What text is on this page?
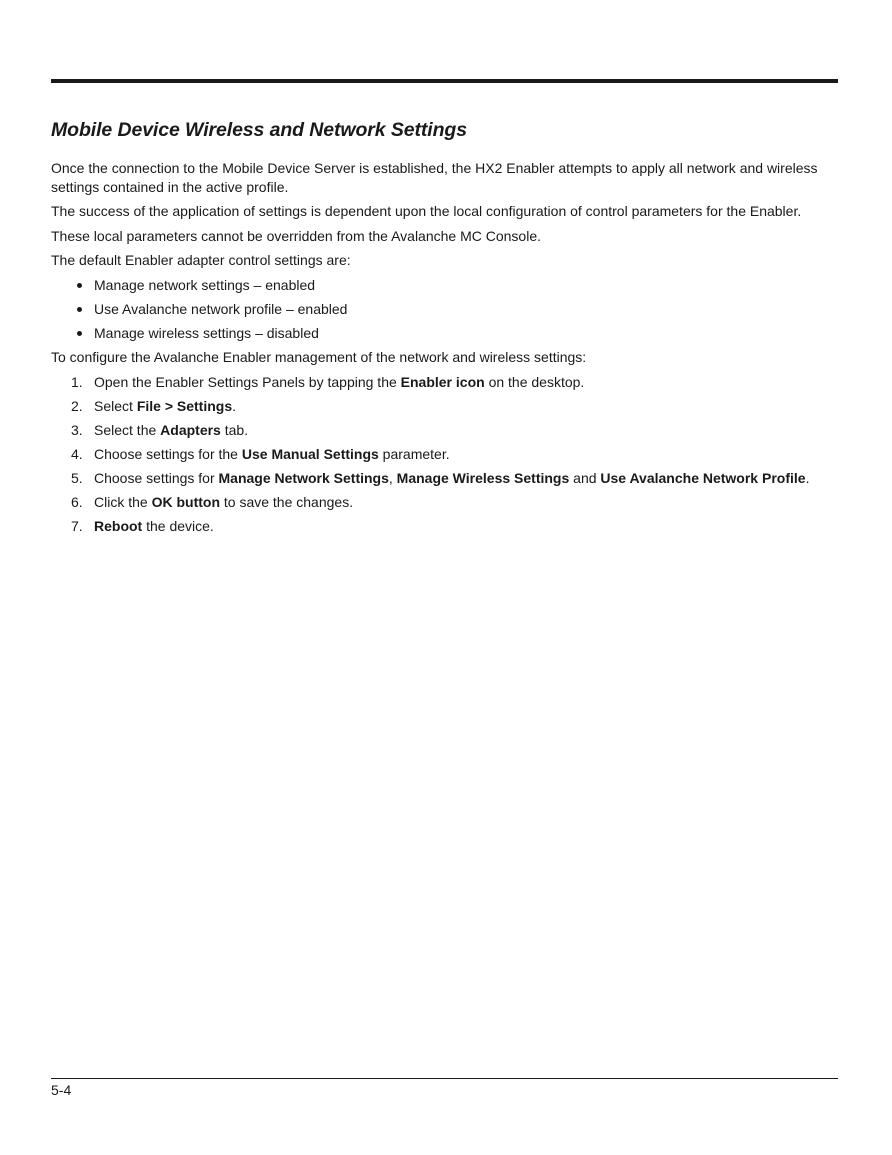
Mobile Device Wireless and Network Settings

Once the connection to the Mobile Device Server is established, the HX2 Enabler attempts to apply all network and wireless settings contained in the active profile.

The success of the application of settings is dependent upon the local configuration of control parameters for the Enabler.

These local parameters cannot be overridden from the Avalanche MC Console.

The default Enabler adapter control settings are:

Manage network settings – enabled
Use Avalanche network profile – enabled
Manage wireless settings – disabled

To configure the Avalanche Enabler management of the network and wireless settings:

1. Open the Enabler Settings Panels by tapping the Enabler icon on the desktop.
2. Select File > Settings.
3. Select the Adapters tab.
4. Choose settings for the Use Manual Settings parameter.
5. Choose settings for Manage Network Settings, Manage Wireless Settings and Use Avalanche Network Profile.
6. Click the OK button to save the changes.
7. Reboot the device.
5-4
